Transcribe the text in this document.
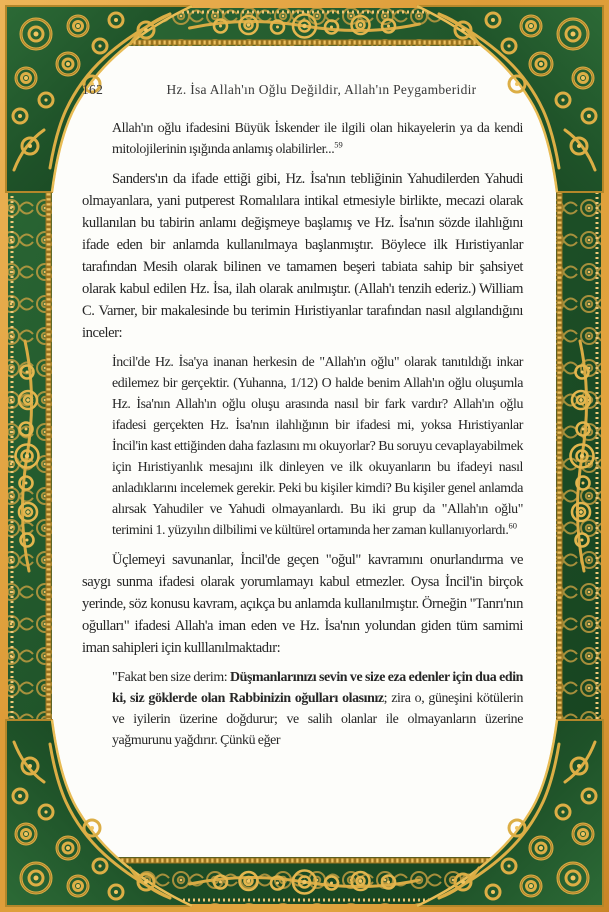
162	Hz. İsa Allah'ın Oğlu Değildir, Allah'ın Peygamberidir

Allah'ın oğlu ifadesini Büyük İskender ile ilgili olan hikayelerin ya da kendi mitolojilerinin ışığında anlamış olabilirler...$^{59}$

Sanders'ın da ifade ettiği gibi, Hz. İsa'nın tebliğinin Yahudilerden Yahudi olmayanlara, yani putperest Romalılara intikal etmesiyle birlikte, mecazi olarak kullanılan bu tabirin anlamı değişmeye başlamış ve Hz. İsa'nın sözde ilahlığını ifade eden bir anlamda kullanılmaya başlanmıştır. Böylece ilk Hıristiyanlar tarafından Mesih olarak bilinen ve tamamen beşeri tabiata sahip bir şahsiyet olarak kabul edilen Hz. İsa, ilah olarak anılmıştır. (Allah'ı tenzih ederiz.) William C. Varner, bir makalesinde bu terimin Hıristiyanlar tarafından nasıl algılandığını inceler:

İncil'de Hz. İsa'ya inanan herkesin de "Allah'ın oğlu" olarak tanıtıldığı inkar edilemez bir gerçektir. (Yuhanna, 1/12) O halde benim Allah'ın oğlu oluşumla Hz. İsa'nın Allah'ın oğlu oluşu arasında nasıl bir fark vardır? Allah'ın oğlu ifadesi gerçekten Hz. İsa'nın ilahlığının bir ifadesi mi, yoksa Hıristiyanlar İncil'in kast ettiğinden daha fazlasını mı okuyorlar? Bu soruyu cevaplayabilmek için Hıristiyanlık mesajını ilk dinleyen ve ilk okuyanların bu ifadeyi nasıl anladıklarını incelemek gerekir. Peki bu kişiler kimdi? Bu kişiler genel anlamda alırsak Yahudiler ve Yahudi olmayanlardı. Bu iki grup da "Allah'ın oğlu" terimini 1. yüzyılın dilbilimi ve kültürel ortamında her zaman kullanıyorlardı.$^{60}$

Üçlemeyi savunanlar, İncil'de geçen "oğul" kavramını onurlandırma ve saygı sunma ifadesi olarak yorumlamayı kabul etmezler. Oysa İncil'in birçok yerinde, söz konusu kavram, açıkça bu anlamda kullanılmıştır. Örneğin "Tanrı'nın oğulları" ifadesi Allah'a iman eden ve Hz. İsa'nın yolundan giden tüm samimi iman sahipleri için kulllanılmaktadır:

"Fakat ben size derim: Düşmanlarınızı sevin ve size eza edenler için dua edin ki, siz göklerde olan Rabbinizin oğulları olasınız; zira o, güneşini kötülerin ve iyilerin üzerine doğdurur; ve salih olanlar ile olmayanların üzerine yağmurunu yağdırır. Çünkü eğer
